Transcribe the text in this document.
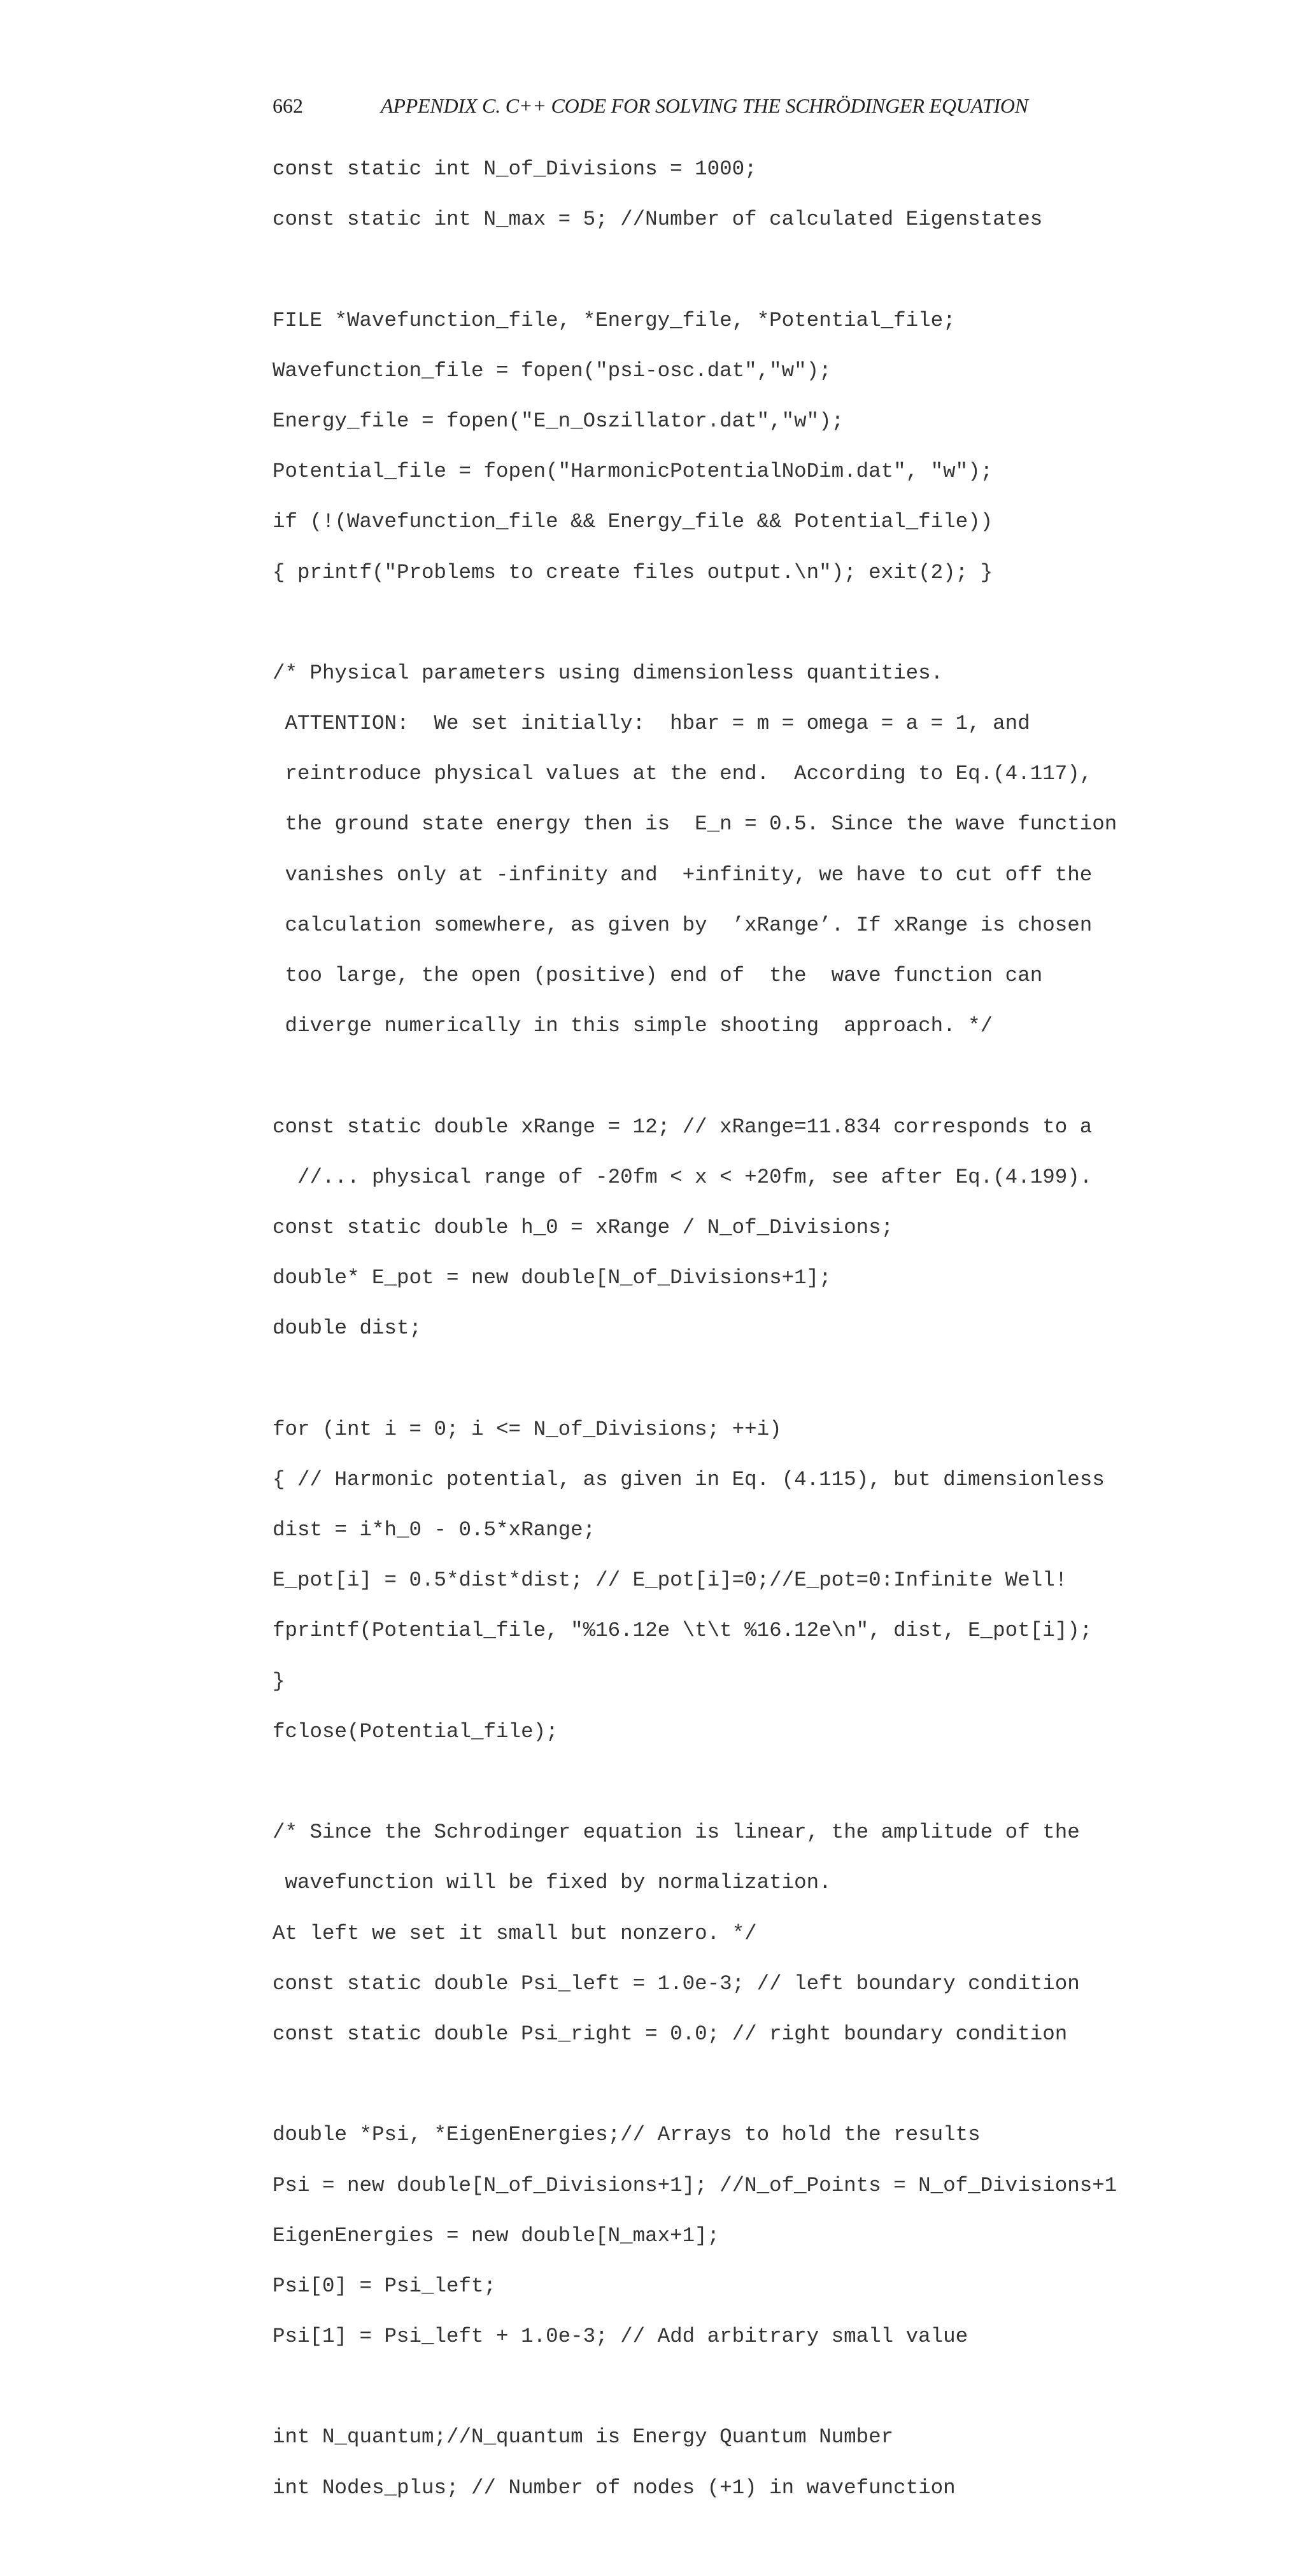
662	APPENDIX C. C++ CODE FOR SOLVING THE SCHRÖDINGER EQUATION
const static int N_of_Divisions = 1000;

const static int N_max = 5; //Number of calculated Eigenstates

FILE *Wavefunction_file, *Energy_file, *Potential_file;

Wavefunction_file = fopen("psi-osc.dat","w");

Energy_file = fopen("E_n_Oszillator.dat","w");

Potential_file = fopen("HarmonicPotentialNoDim.dat", "w");

if (!(Wavefunction_file && Energy_file && Potential_file))

{ printf("Problems to create files output.\n"); exit(2); }

/* Physical parameters using dimensionless quantities.

ATTENTION:  We set initially:  hbar = m = omega = a = 1, and

reintroduce physical values at the end.  According to Eq.(4.117),

the ground state energy then is  E_n = 0.5. Since the wave function

vanishes only at -infinity and  +infinity, we have to cut off the

calculation somewhere, as given by  ’xRange’. If xRange is chosen

too large, the open (positive) end of  the  wave function can

diverge numerically in this simple shooting  approach. */

const static double xRange = 12; // xRange=11.834 corresponds to a

//... physical range of -20fm < x < +20fm, see after Eq.(4.199).

const static double h_0 = xRange / N_of_Divisions;

double* E_pot = new double[N_of_Divisions+1];

double dist;

for (int i = 0; i <= N_of_Divisions; ++i)

{ // Harmonic potential, as given in Eq. (4.115), but dimensionless

dist = i*h_0 - 0.5*xRange;

E_pot[i] = 0.5*dist*dist; // E_pot[i]=0;//E_pot=0:Infinite Well!

fprintf(Potential_file, "%16.12e \t\t %16.12e\n", dist, E_pot[i]);

}

fclose(Potential_file);

/* Since the Schrodinger equation is linear, the amplitude of the

wavefunction will be fixed by normalization.

At left we set it small but nonzero. */

const static double Psi_left = 1.0e-3; // left boundary condition

const static double Psi_right = 0.0; // right boundary condition

double *Psi, *EigenEnergies;// Arrays to hold the results

Psi = new double[N_of_Divisions+1]; //N_of_Points = N_of_Divisions+1

EigenEnergies = new double[N_max+1];

Psi[0] = Psi_left;

Psi[1] = Psi_left + 1.0e-3; // Add arbitrary small value

int N_quantum;//N_quantum is Energy Quantum Number

int Nodes_plus; // Number of nodes (+1) in wavefunction
